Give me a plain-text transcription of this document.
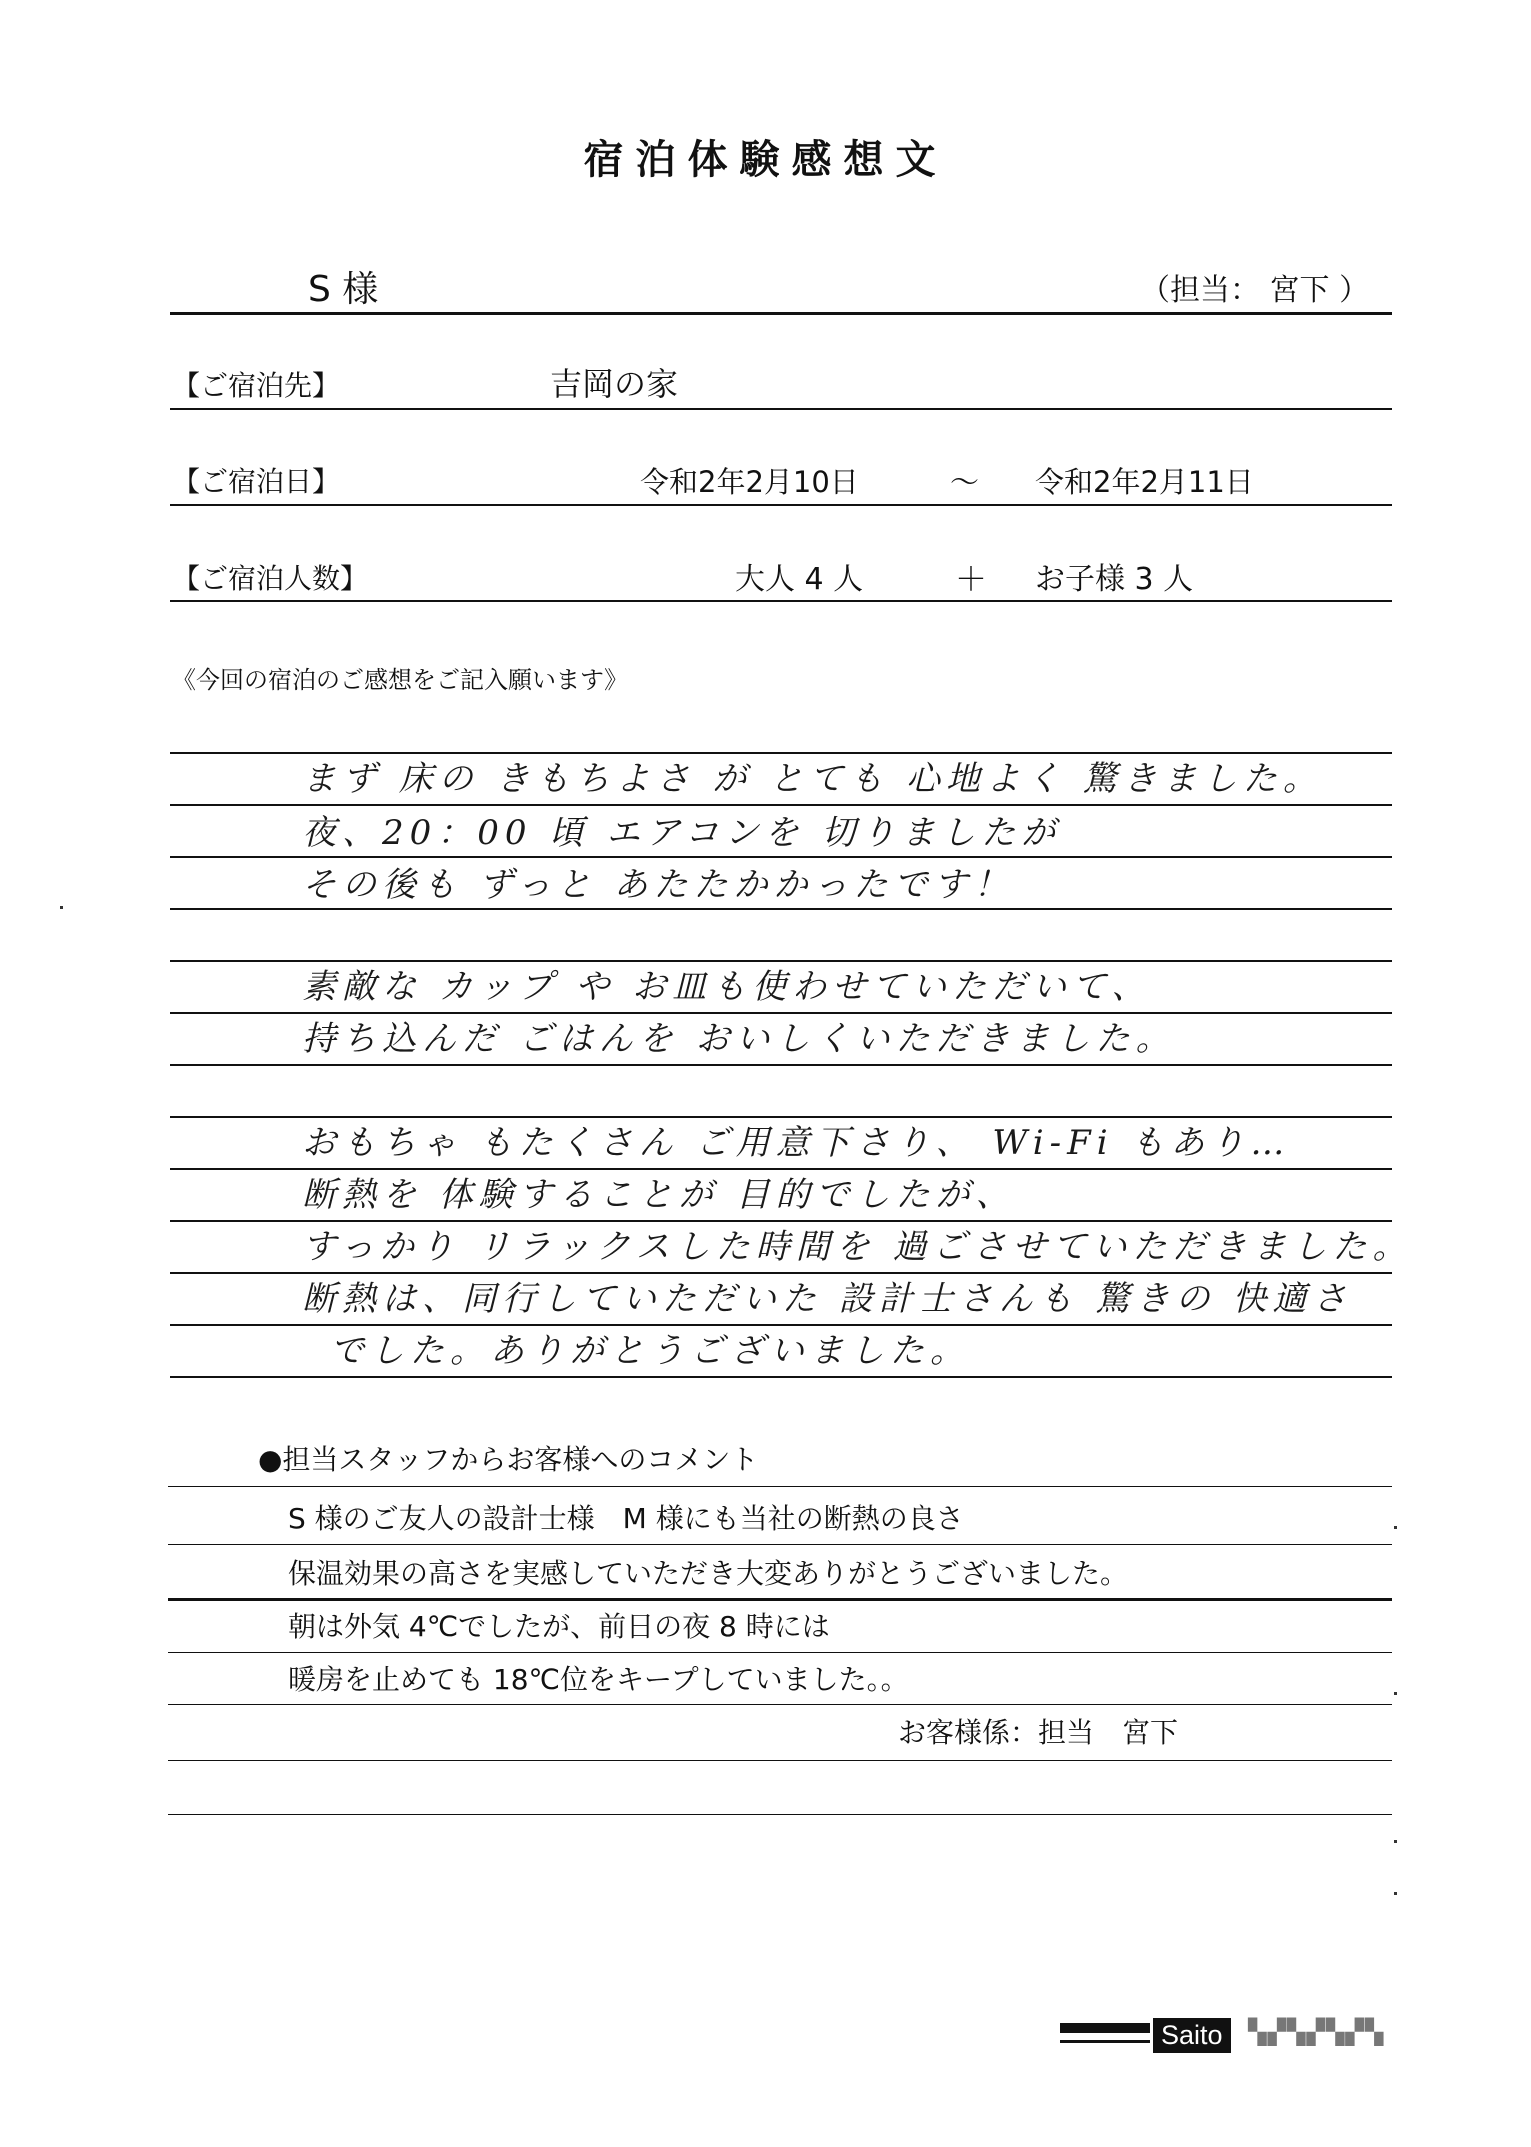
宿泊体験感想文
S 様	（担当： 宮下 ）
【ご宿泊先】	吉岡の家
【ご宿泊日】	令和2年2月10日	～ 令和2年2月11日
【ご宿泊人数】	大人 4 人	＋ お子様 3 人
《今回の宿泊のご感想をご記入願います》
まず 床の きもちよさ が とても 心地よく 驚きました。
夜、20：00 頃 エアコンを 切りましたが
その後も ずっと あたたかかったです！
素敵な カップ や お皿も使わせていただいて、
持ち込んだ ごはんを おいしくいただきました。
おもちゃ もたくさん ご用意下さり、 Wi-Fi もあり…
断熱を 体験することが 目的でしたが、
すっかり リラックスした時間を 過ごさせていただきました。
断熱は、同行していただいた 設計士さんも 驚きの 快適さ
でした。ありがとうございました。
●担当スタッフからお客様へのコメント
S 様のご友人の設計士様　M 様にも当社の断熱の良さ
保温効果の高さを実感していただき大変ありがとうございました。
朝は外気 4℃でしたが、前日の夜 8 時には
暖房を止めても 18℃位をキープしていました。。
お客様係：担当　宮下
Saito	▚▞▚▞▚▞▚
